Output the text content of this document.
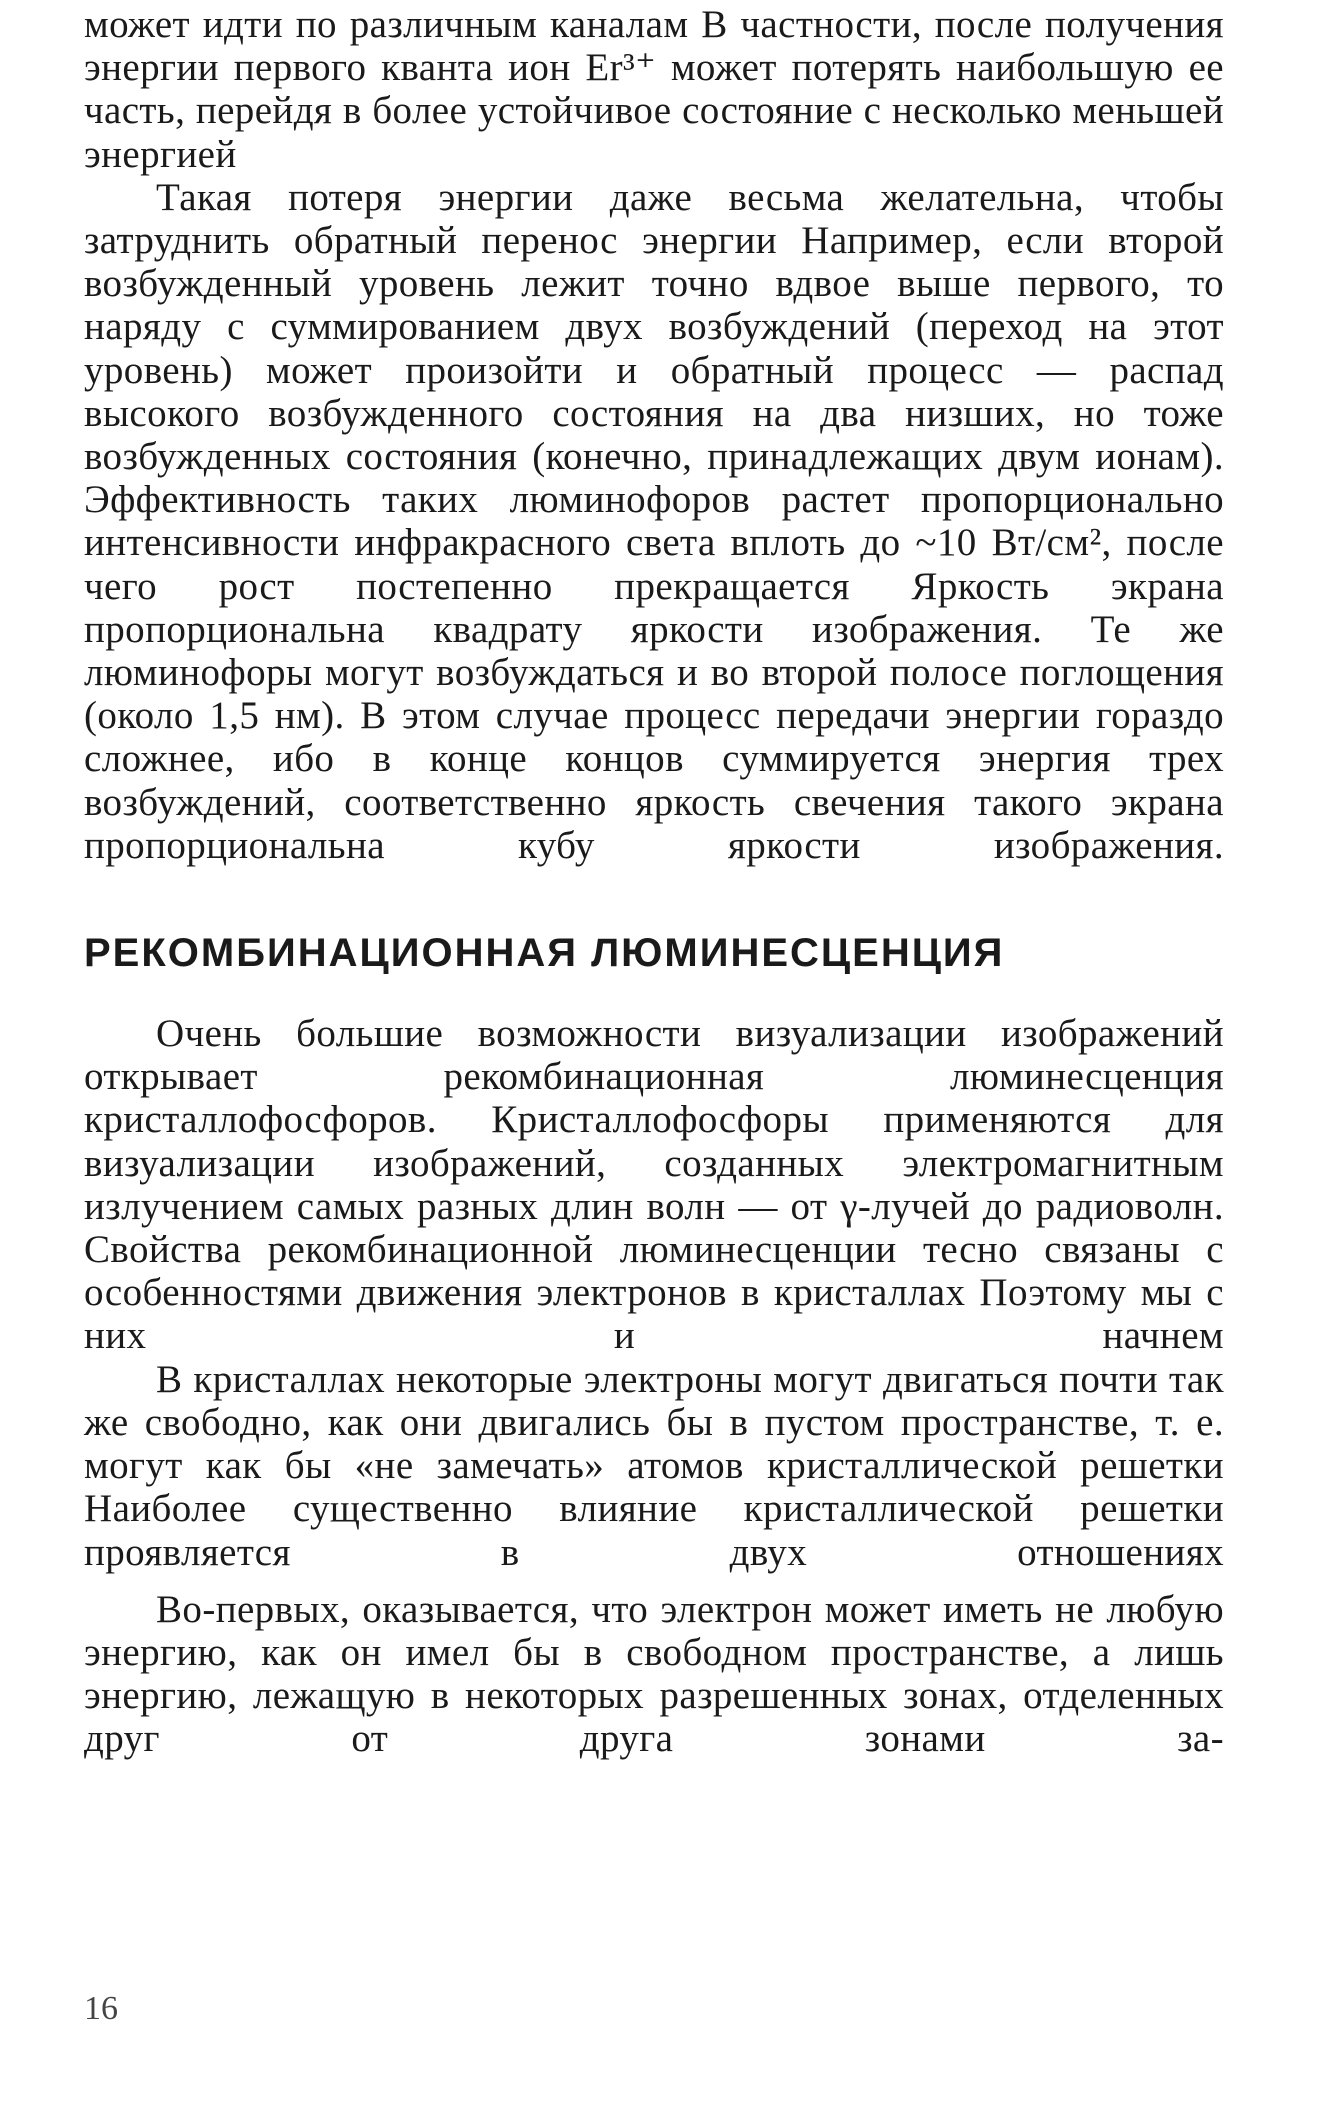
может идти по различным каналам В частности, после получения энергии первого кванта ион Er³⁺ может потерять наибольшую ее часть, перейдя в более устойчивое состояние с несколько меньшей энергией

Такая потеря энергии даже весьма желательна, чтобы затруднить обратный перенос энергии Например, если второй возбужденный уровень лежит точно вдвое выше первого, то наряду с суммированием двух возбуждений (переход на этот уровень) может произойти и обратный процесс — распад высокого возбужденного состояния на два низших, но тоже возбужденных состояния (конечно, принадлежащих двум ионам). Эффективность таких люминофоров растет пропорционально интенсивности инфракрасного света вплоть до ~10 Вт/см², после чего рост постепенно прекращается Яркость экрана пропорциональна квадрату яркости изображения. Те же люминофоры могут возбуждаться и во второй полосе поглощения (около 1,5 нм). В этом случае процесс передачи энергии гораздо сложнее, ибо в конце концов суммируется энергия трех возбуждений, соответственно яркость свечения такого экрана пропорциональна кубу яркости изображения.

РЕКОМБИНАЦИОННАЯ ЛЮМИНЕСЦЕНЦИЯ

Очень большие возможности визуализации изображений открывает рекомбинационная люминесценция кристаллофосфоров. Кристаллофосфоры применяются для визуализации изображений, созданных электромагнитным излучением самых разных длин волн — от γ-лучей до радиоволн. Свойства рекомбинационной люминесценции тесно связаны с особенностями движения электронов в кристаллах Поэтому мы с них и начнем

В кристаллах некоторые электроны могут двигаться почти так же свободно, как они двигались бы в пустом пространстве, т. е. могут как бы «не замечать» атомов кристаллической решетки Наиболее существенно влияние кристаллической решетки проявляется в двух отношениях

Во-первых, оказывается, что электрон может иметь не любую энергию, как он имел бы в свободном пространстве, а лишь энергию, лежащую в некоторых разрешенных зонах, отделенных друг от друга зонами за-

16
